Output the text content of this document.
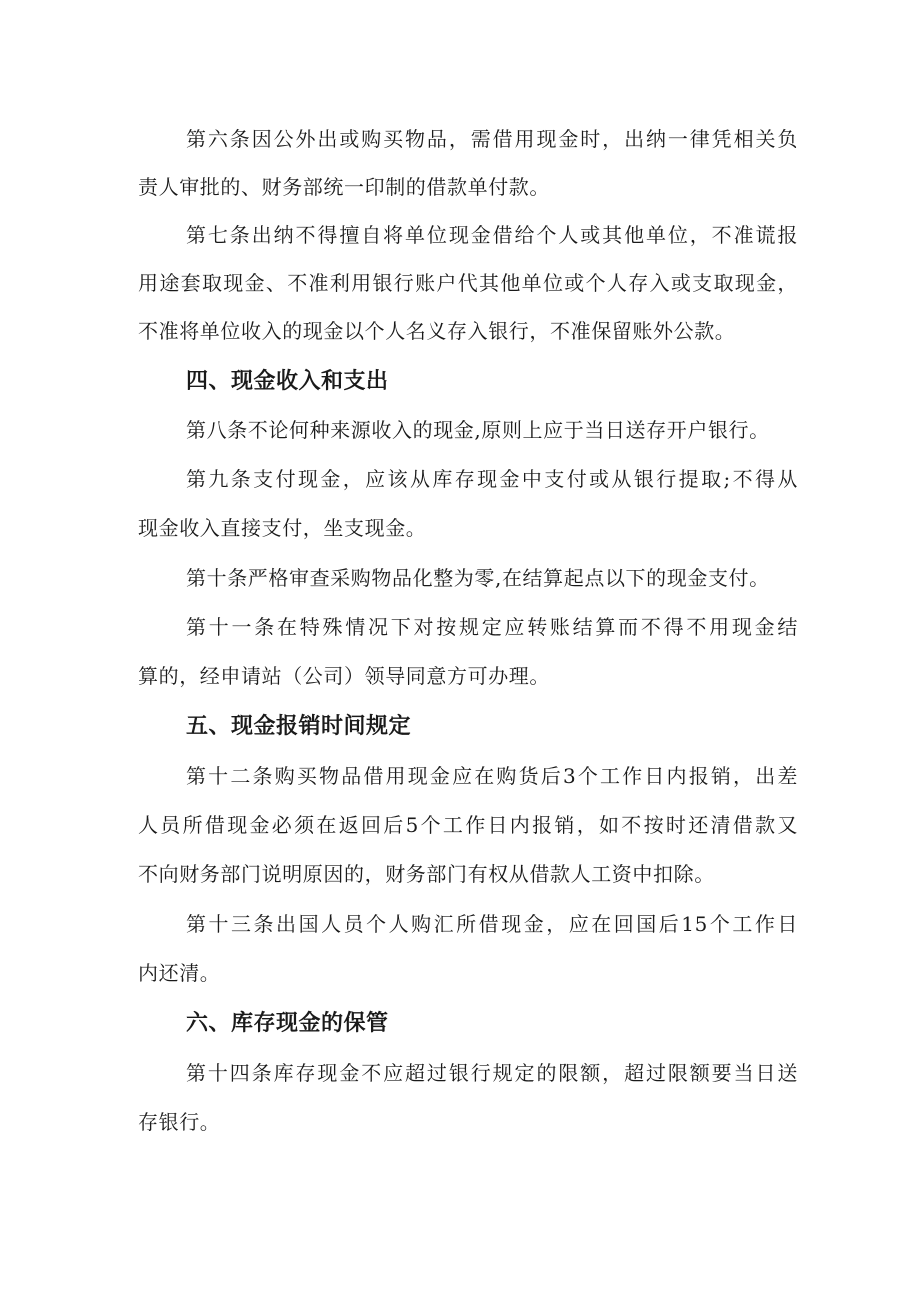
第六条因公外出或购买物品，需借用现金时，出纳一律凭相关负
责人审批的、财务部统一印制的借款单付款。
第七条出纳不得擅自将单位现金借给个人或其他单位，不准谎报
用途套取现金、不准利用银行账户代其他单位或个人存入或支取现金，
不准将单位收入的现金以个人名义存入银行，不准保留账外公款。
四、现金收入和支出
第八条不论何种来源收入的现金,原则上应于当日送存开户银行。
第九条支付现金，应该从库存现金中支付或从银行提取;不得从
现金收入直接支付，坐支现金。
第十条严格审查采购物品化整为零,在结算起点以下的现金支付。
第十一条在特殊情况下对按规定应转账结算而不得不用现金结
算的，经申请站（公司）领导同意方可办理。
五、现金报销时间规定
第十二条购买物品借用现金应在购货后3个工作日内报销，出差
人员所借现金必须在返回后5个工作日内报销，如不按时还清借款又
不向财务部门说明原因的，财务部门有权从借款人工资中扣除。
第十三条出国人员个人购汇所借现金，应在回国后15个工作日
内还清。
六、库存现金的保管
第十四条库存现金不应超过银行规定的限额，超过限额要当日送
存银行。
